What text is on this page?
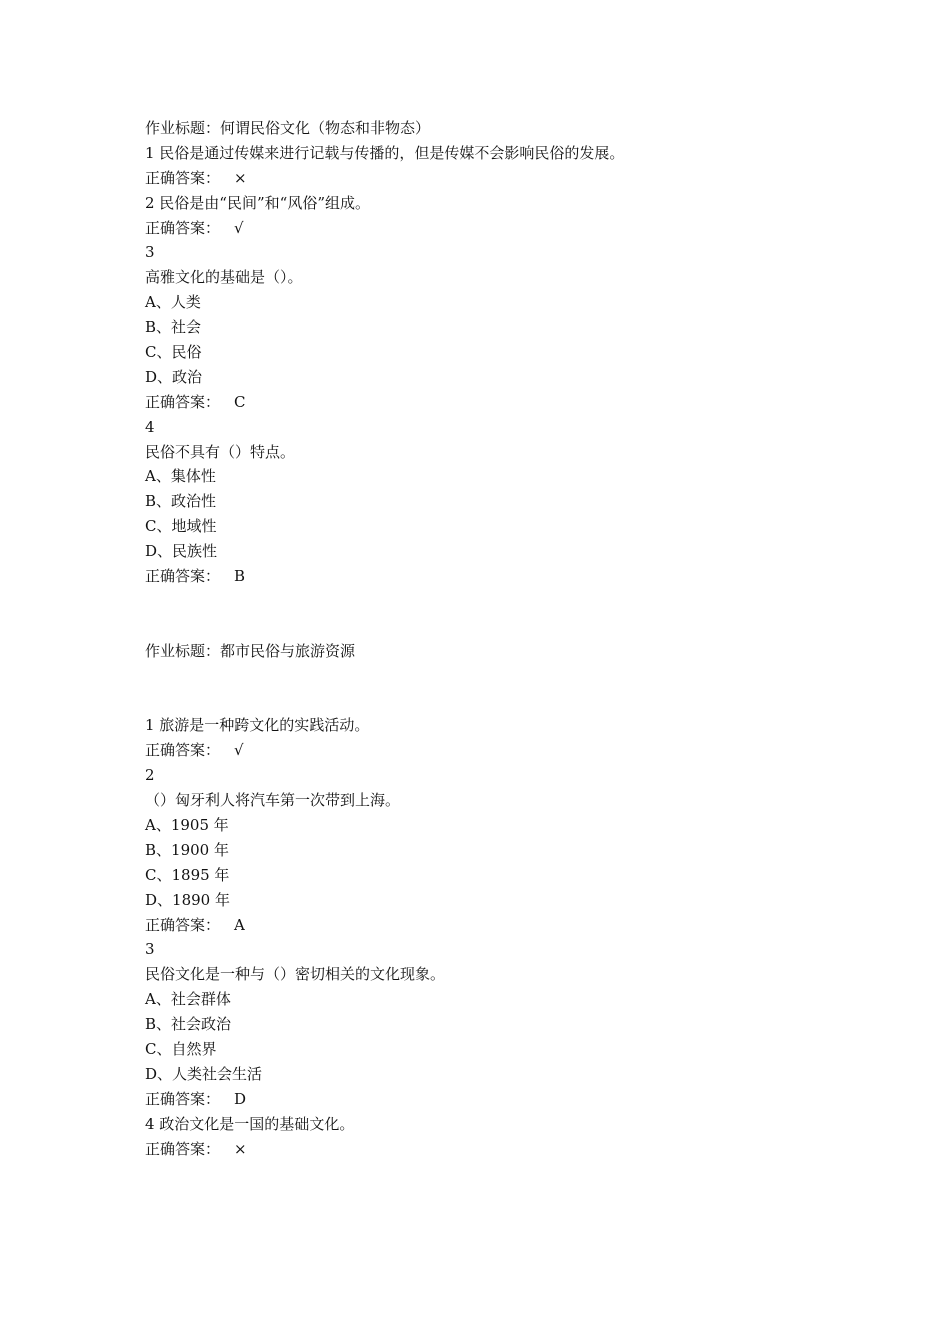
作业标题：何谓民俗文化（物态和非物态）
1 民俗是通过传媒来进行记载与传播的，但是传媒不会影响民俗的发展。
正确答案： ×
2 民俗是由“民间”和“风俗”组成。
正确答案： √
3
高雅文化的基础是（）。
A、人类
B、社会
C、民俗
D、政治
正确答案： C
4
民俗不具有（）特点。
A、集体性
B、政治性
C、地域性
D、民族性
正确答案： B
作业标题：都市民俗与旅游资源
1 旅游是一种跨文化的实践活动。
正确答案： √
2
（）匈牙利人将汽车第一次带到上海。
A、1905 年
B、1900 年
C、1895 年
D、1890 年
正确答案： A
3
民俗文化是一种与（）密切相关的文化现象。
A、社会群体
B、社会政治
C、自然界
D、人类社会生活
正确答案： D
4 政治文化是一国的基础文化。
正确答案： ×
